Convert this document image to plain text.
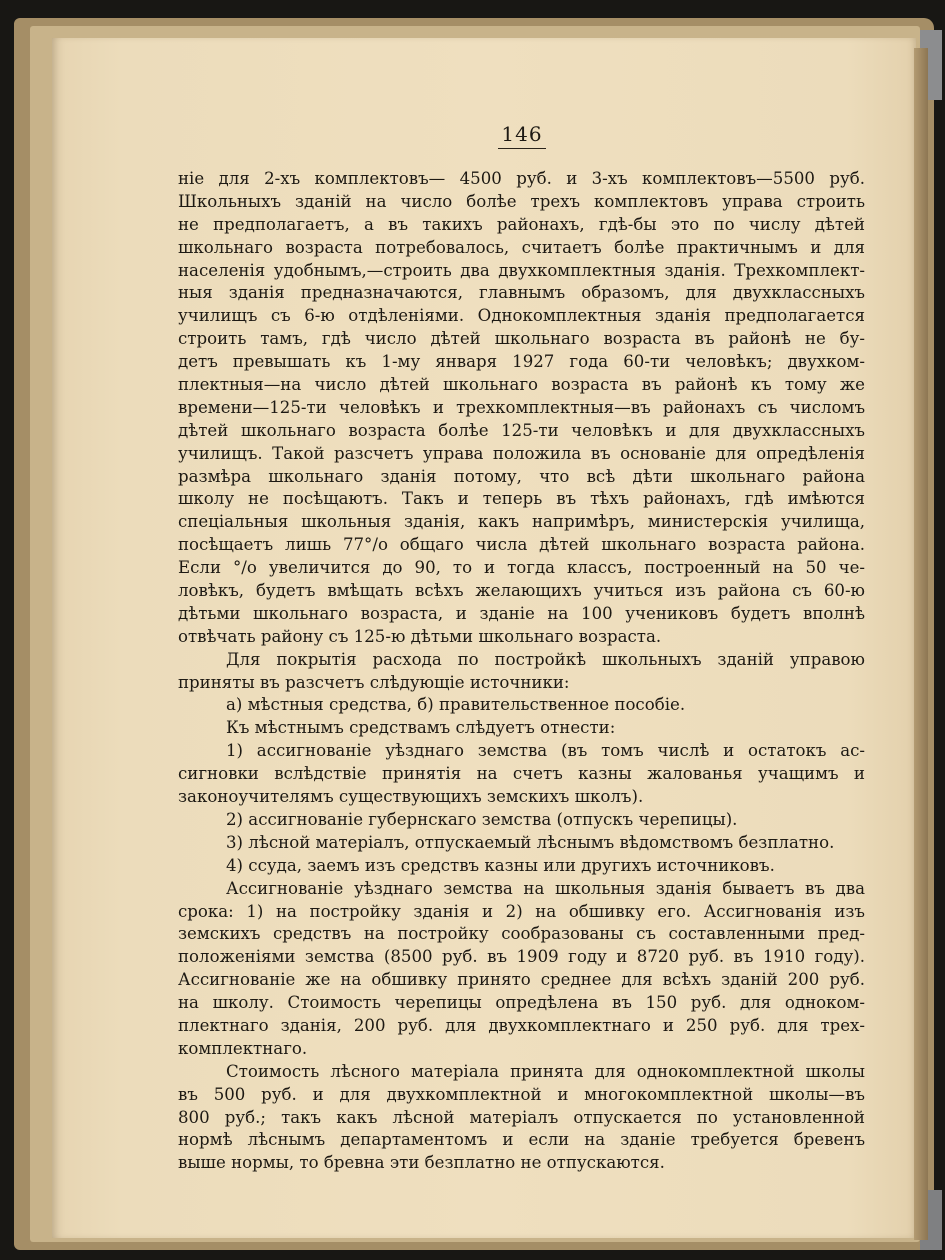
146
ніе для 2-хъ комплектовъ— 4500 руб. и 3-хъ комплектовъ—5500 руб.
Школьныхъ зданій на число болѣе трехъ комплектовъ управа строить
не предполагаетъ, а въ такихъ районахъ, гдѣ-бы это по числу дѣтей
школьнаго возраста потребовалось, считаетъ болѣе практичнымъ и для
населенія удобнымъ,—строить два двухкомплектныя зданія. Трехкомплект-
ныя зданія предназначаются, главнымъ образомъ, для двухклассныхъ
училищъ съ 6-ю отдѣленіями. Однокомплектныя зданія предполагается
строить тамъ, гдѣ число дѣтей школьнаго возраста въ районѣ не бу-
детъ превышать къ 1-му января 1927 года 60-ти человѣкъ; двухком-
плектныя—на число дѣтей школьнаго возраста въ районѣ къ тому же
времени—125-ти человѣкъ и трехкомплектныя—въ районахъ съ числомъ
дѣтей школьнаго возраста болѣе 125-ти человѣкъ и для двухклассныхъ
училищъ. Такой разсчетъ управа положила въ основаніе для опредѣленія
размѣра школьнаго зданія потому, что всѣ дѣти школьнаго района
школу не посѣщаютъ. Такъ и теперь въ тѣхъ районахъ, гдѣ имѣются
спеціальныя школьныя зданія, какъ напримѣръ, министерскія училища,
посѣщаетъ лишь 77°/о общаго числа дѣтей школьнаго возраста района.
Если °/о увеличится до 90, то и тогда классъ, построенный на 50 че-
ловѣкъ, будетъ вмѣщать всѣхъ желающихъ учиться изъ района съ 60-ю
дѣтьми школьнаго возраста, и зданіе на 100 учениковъ будетъ вполнѣ
отвѣчать району съ 125-ю дѣтьми школьнаго возраста.
Для покрытія расхода по постройкѣ школьныхъ зданій управою
приняты въ разсчетъ слѣдующіе источники:
а) мѣстныя средства, б) правительственное пособіе.
Къ мѣстнымъ средствамъ слѣдуетъ отнести:
1) ассигнованіе уѣзднаго земства (въ томъ числѣ и остатокъ ас-
сигновки вслѣдствіе принятія на счетъ казны жалованья учащимъ и
законоучителямъ существующихъ земскихъ школъ).
2) ассигнованіе губернскаго земства (отпускъ черепицы).
3) лѣсной матеріалъ, отпускаемый лѣснымъ вѣдомствомъ безплатно.
4) ссуда, заемъ изъ средствъ казны или другихъ источниковъ.
Ассигнованіе уѣзднаго земства на школьныя зданія бываетъ въ два
срока: 1) на постройку зданія и 2) на обшивку его. Ассигнованія изъ
земскихъ средствъ на постройку сообразованы съ составленными пред-
положеніями земства (8500 руб. въ 1909 году и 8720 руб. въ 1910 году).
Ассигнованіе же на обшивку принято среднее для всѣхъ зданій 200 руб.
на школу. Стоимость черепицы опредѣлена въ 150 руб. для одноком-
плектнаго зданія, 200 руб. для двухкомплектнаго и 250 руб. для трех-
комплектнаго.
Стоимость лѣсного матеріала принята для однокомплектной школы
въ 500 руб. и для двухкомплектной и многокомплектной школы—въ
800 руб.; такъ какъ лѣсной матеріалъ отпускается по установленной
нормѣ лѣснымъ департаментомъ и если на зданіе требуется бревенъ
выше нормы, то бревна эти безплатно не отпускаются.
